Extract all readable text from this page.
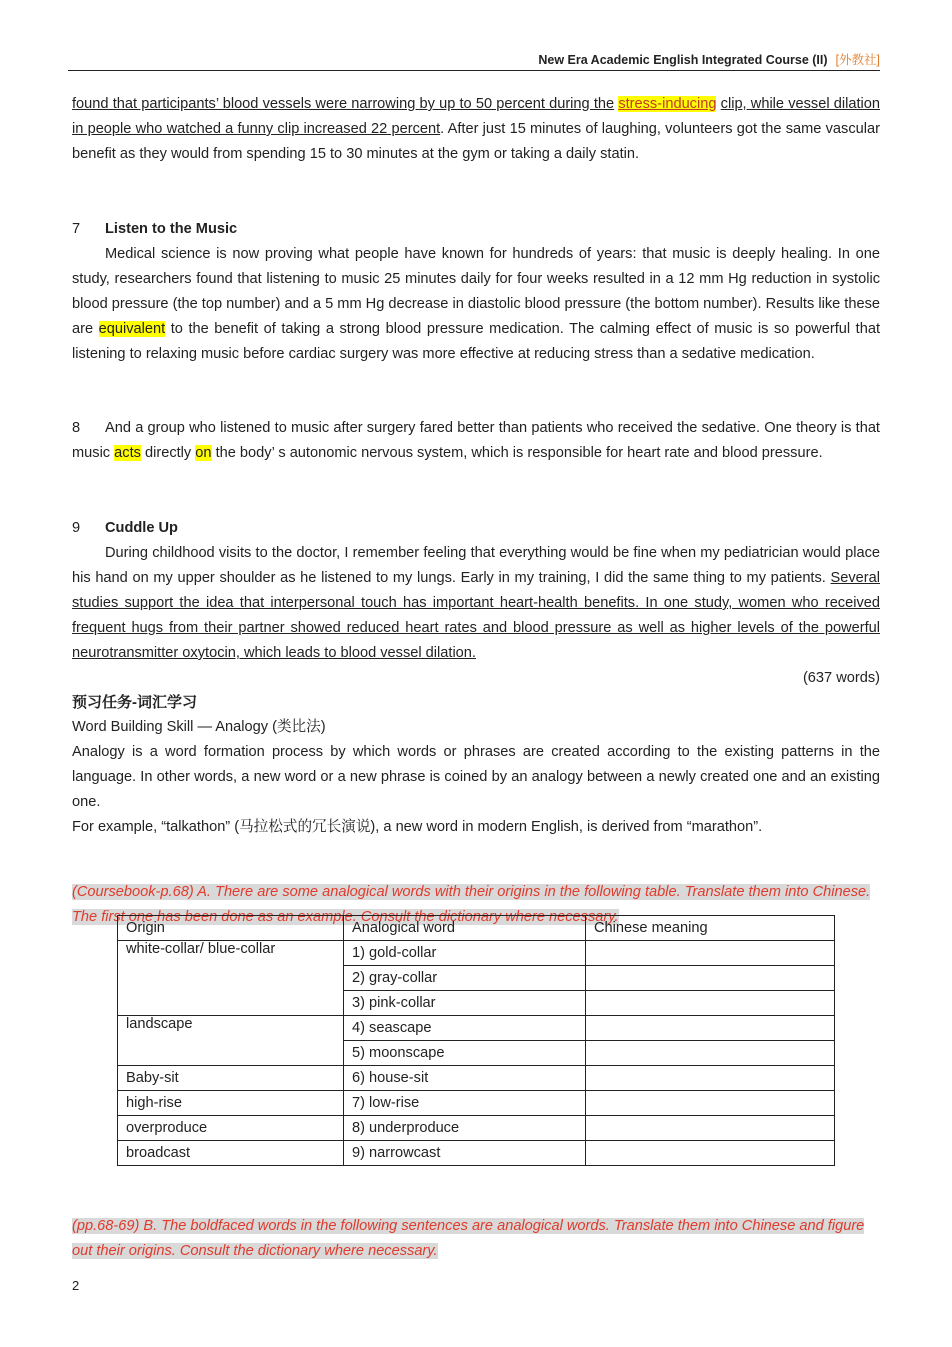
New Era Academic English Integrated Course (II) [外教社]

found that participants’ blood vessels were narrowing by up to 50 percent during the stress-inducing clip, while vessel dilation in people who watched a funny clip increased 22 percent. After just 15 minutes of laughing, volunteers got the same vascular benefit as they would from spending 15 to 30 minutes at the gym or taking a daily statin.

7 Listen to the Music

Medical science is now proving what people have known for hundreds of years: that music is deeply healing. In one study, researchers found that listening to music 25 minutes daily for four weeks resulted in a 12 mm Hg reduction in systolic blood pressure (the top number) and a 5 mm Hg decrease in diastolic blood pressure (the bottom number). Results like these are equivalent to the benefit of taking a strong blood pressure medication. The calming effect of music is so powerful that listening to relaxing music before cardiac surgery was more effective at reducing stress than a sedative medication.

8 And a group who listened to music after surgery fared better than patients who received the sedative. One theory is that music acts directly on the body’ s autonomic nervous system, which is responsible for heart rate and blood pressure.

9 Cuddle Up

During childhood visits to the doctor, I remember feeling that everything would be fine when my pediatrician would place his hand on my upper shoulder as he listened to my lungs. Early in my training, I did the same thing to my patients. Several studies support the idea that interpersonal touch has important heart-health benefits. In one study, women who received frequent hugs from their partner showed reduced heart rates and blood pressure as well as higher levels of the powerful neurotransmitter oxytocin, which leads to blood vessel dilation.

(637 words)

预习任务-词汇学习

Word Building Skill — Analogy (类比法)

Analogy is a word formation process by which words or phrases are created according to the existing patterns in the language. In other words, a new word or a new phrase is coined by an analogy between a newly created one and an existing one.

For example, “talkathon” (马拉松式的冗长演说), a new word in modern English, is derived from “marathon”.

(Coursebook-p.68) A. There are some analogical words with their origins in the following table. Translate them into Chinese. The first one has been done as an example. Consult the dictionary where necessary.

Origin	Analogical word	Chinese meaning
white-collar/ blue-collar	1) gold-collar	
	2) gray-collar	
	3) pink-collar	
landscape	4) seascape	
	5) moonscape	
Baby-sit	6) house-sit	
high-rise	7) low-rise	
overproduce	8) underproduce	
broadcast	9) narrowcast	

(pp.68-69) B. The boldfaced words in the following sentences are analogical words. Translate them into Chinese and figure out their origins. Consult the dictionary where necessary.

2
